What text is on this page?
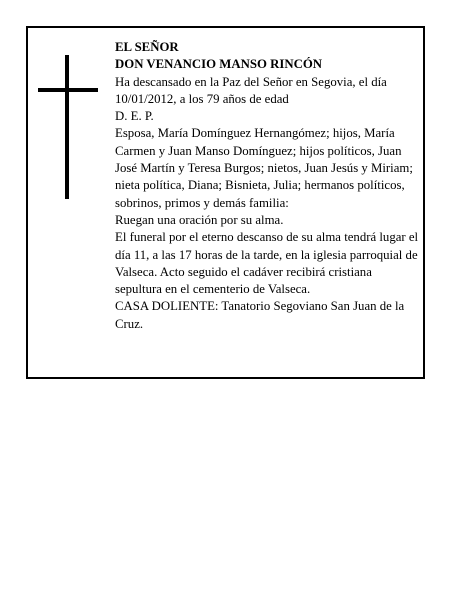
EL SEÑOR

DON VENANCIO MANSO RINCÓN

Ha descansado en la Paz del Señor en Segovia, el día 10/01/2012, a los 79 años de edad

D. E. P.

Esposa, María Domínguez Hernangómez; hijos, María Carmen y Juan Manso Domínguez; hijos políticos, Juan José Martín y Teresa Burgos; nietos, Juan Jesús y Miriam; nieta política, Diana; Bisnieta, Julia; hermanos políticos, sobrinos, primos y demás familia:

Ruegan una oración por su alma.

El funeral por el eterno descanso de su alma tendrá lugar el día 11, a las 17 horas de la tarde, en la iglesia parroquial de Valseca. Acto seguido el cadáver recibirá cristiana sepultura en el cementerio de Valseca.

CASA DOLIENTE: Tanatorio Segoviano San Juan de la Cruz.
